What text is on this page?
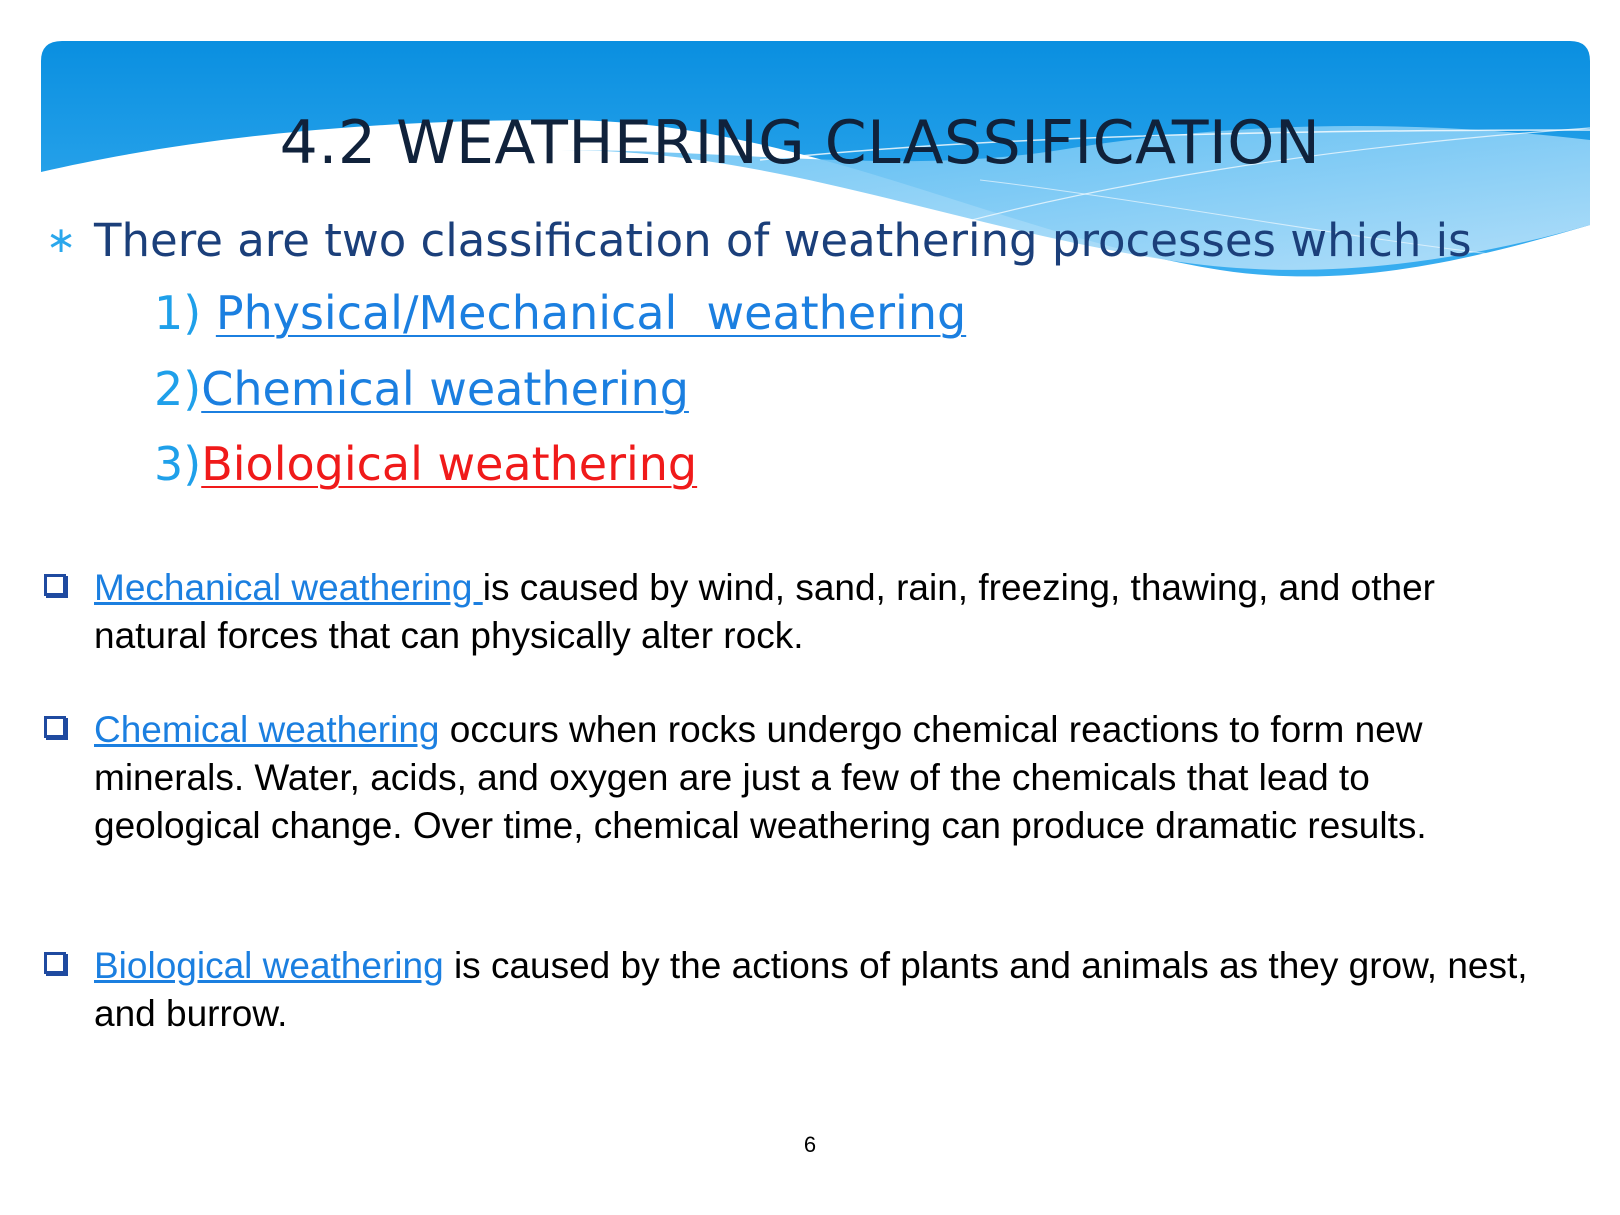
4.2 WEATHERING CLASSIFICATION
∗ There are two classification of weathering processes which is
1) Physical/Mechanical  weathering
2)Chemical weathering
3)Biological weathering
Mechanical weathering is caused by wind, sand, rain, freezing, thawing, and other natural forces that can physically alter rock.
Chemical weathering occurs when rocks undergo chemical reactions to form new minerals. Water, acids, and oxygen are just a few of the chemicals that lead to geological change. Over time, chemical weathering can produce dramatic results.
Biological weathering is caused by the actions of plants and animals as they grow, nest, and burrow.
6
